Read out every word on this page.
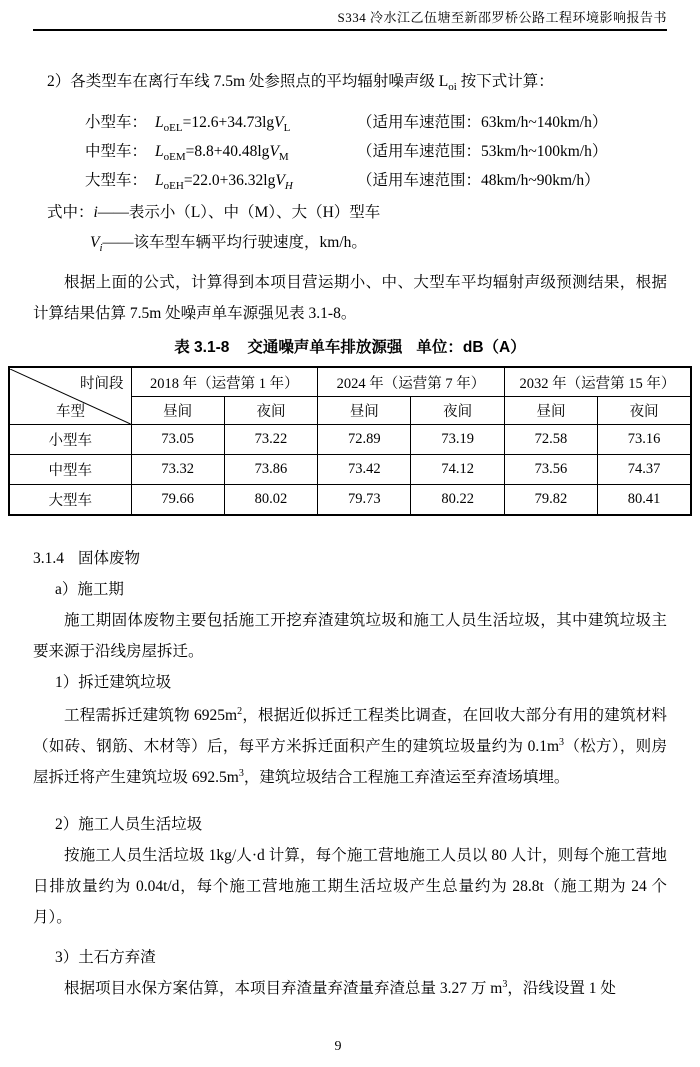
S334 冷水江乙伍塘至新邵罗桥公路工程环境影响报告书

2）各类型车在离行车线 7.5m 处参照点的平均辐射噪声级 $L_{oi}$ 按下式计算：

小型车： $L_{oEL}=12.6+34.73\lg V_L$	（适用车速范围：63km/h~140km/h）
中型车： $L_{oEM}=8.8+40.48\lg V_M$	（适用车速范围：53km/h~100km/h）
大型车： $L_{oEH}=22.0+36.32\lg V_H$	（适用车速范围：48km/h~90km/h）

式中：i——表示小（L）、中（M）、大（H）型车

$V_i——$该车型车辆平均行驶速度，km/h。

根据上面的公式，计算得到本项目营运期小、中、大型车平均辐射声级预测结果，根据计算结果估算 7.5m 处噪声单车源强见表 3.1-8。

表 3.1-8 交通噪声单车排放源强 单位：dB（A）

时间段
车型	2018 年（运营第 1 年）		2024 年（运营第 7 年）		2032 年（运营第 15 年）	
	昼间	夜间	昼间	夜间	昼间	夜间
小型车	73.05	73.22	72.89	73.19	72.58	73.16
中型车	73.32	73.86	73.42	74.12	73.56	74.37
大型车	79.66	80.02	79.73	80.22	79.82	80.41

3.1.4 固体废物

a）施工期

施工期固体废物主要包括施工开挖弃渣建筑垃圾和施工人员生活垃圾，其中建筑垃圾主要来源于沿线房屋拆迁。

1）拆迁建筑垃圾

工程需拆迁建筑物 $6925m^2$，根据近似拆迁工程类比调查，在回收大部分有用的建筑材料（如砖、钢筋、木材等）后，每平方米拆迁面积产生的建筑垃圾量约为 $0.1m^3$（松方），则房屋拆迁将产生建筑垃圾 $692.5m^3$，建筑垃圾结合工程施工弃渣运至弃渣场填埋。

2）施工人员生活垃圾

按施工人员生活垃圾 1kg/人·d 计算，每个施工营地施工人员以 80 人计，则每个施工营地日排放量约为 0.04t/d，每个施工营地施工期生活垃圾产生总量约为 28.8t（施工期为 24 个月）。

3）土石方弃渣

根据项目水保方案估算，本项目弃渣量弃渣量弃渣总量 3.27 万 $m^3$，沿线设置 1 处

9
